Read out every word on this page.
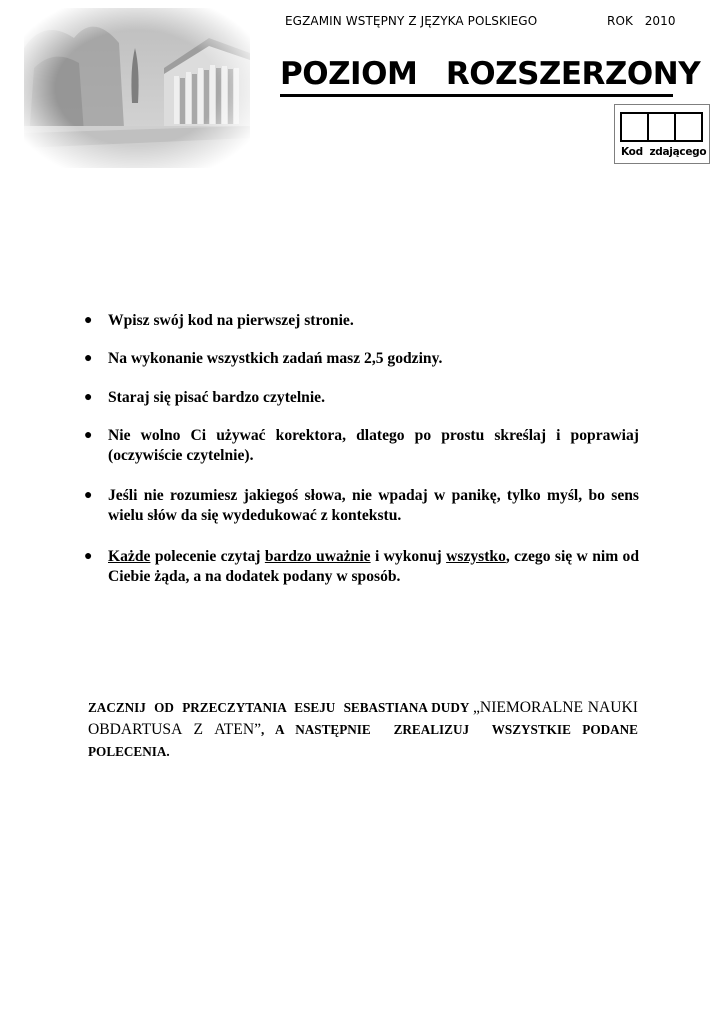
EGZAMIN WSTĘPNY Z JĘZYKA POLSKIEGO	ROK   2010
POZIOM  ROZSZERZONY
Kod  zdającego
● Wpisz swój kod na pierwszej stronie.
● Na wykonanie wszystkich zadań masz 2,5 godziny.
● Staraj się pisać bardzo czytelnie.
● Nie wolno Ci używać korektora, dlatego po prostu skreślaj i poprawiaj (oczywiście czytelnie).
● Jeśli nie rozumiesz jakiegoś słowa, nie wpadaj w panikę, tylko myśl, bo sens wielu słów da się wydedukować z kontekstu.
● Każde polecenie czytaj bardzo uważnie i wykonuj wszystko, czego się w nim od Ciebie żąda, a na dodatek podany w sposób.

ZACZNIJ  OD  PRZECZYTANIA  ESEJU  SEBASTIANA DUDY „NIEMORALNE NAUKI OBDARTUSA Z ATEN”, A NASTĘPNIE  ZREALIZUJ  WSZYSTKIE PODANE  POLECENIA.
